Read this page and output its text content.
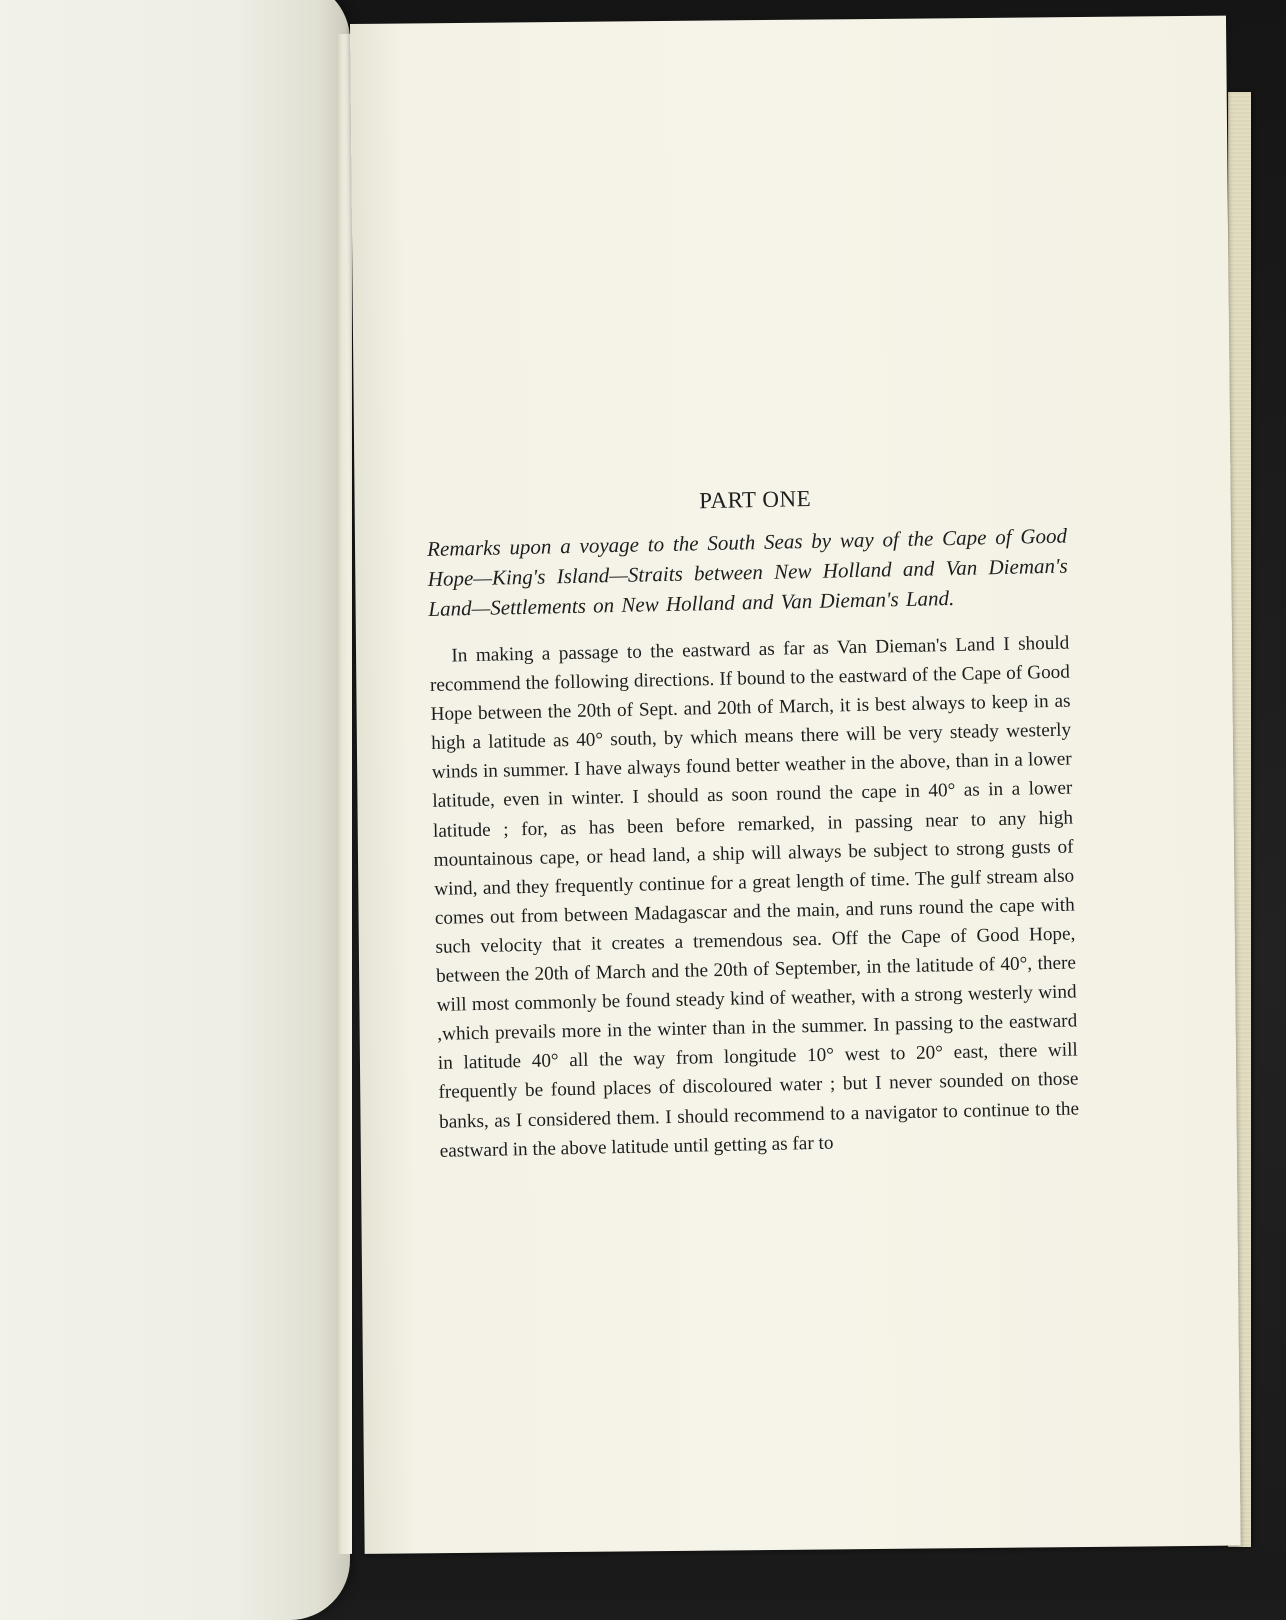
PART ONE

Remarks upon a voyage to the South Seas by way of the Cape of Good Hope—King's Island—Straits between New Holland and Van Dieman's Land—Settlements on New Holland and Van Dieman's Land.

In making a passage to the eastward as far as Van Dieman's Land I should recommend the following directions. If bound to the eastward of the Cape of Good Hope between the 20th of Sept. and 20th of March, it is best always to keep in as high a latitude as 40° south, by which means there will be very steady westerly winds in summer. I have always found better weather in the above, than in a lower latitude, even in winter. I should as soon round the cape in 40° as in a lower latitude ; for, as has been before remarked, in passing near to any high mountainous cape, or head land, a ship will always be subject to strong gusts of wind, and they frequently continue for a great length of time. The gulf stream also comes out from between Madagascar and the main, and runs round the cape with such velocity that it creates a tremendous sea. Off the Cape of Good Hope, between the 20th of March and the 20th of September, in the latitude of 40°, there will most commonly be found steady kind of weather, with a strong westerly wind ,which prevails more in the winter than in the summer. In passing to the eastward in latitude 40° all the way from longitude 10° west to 20° east, there will frequently be found places of discoloured water ; but I never sounded on those banks, as I considered them. I should recommend to a navigator to continue to the eastward in the above latitude until getting as far to
